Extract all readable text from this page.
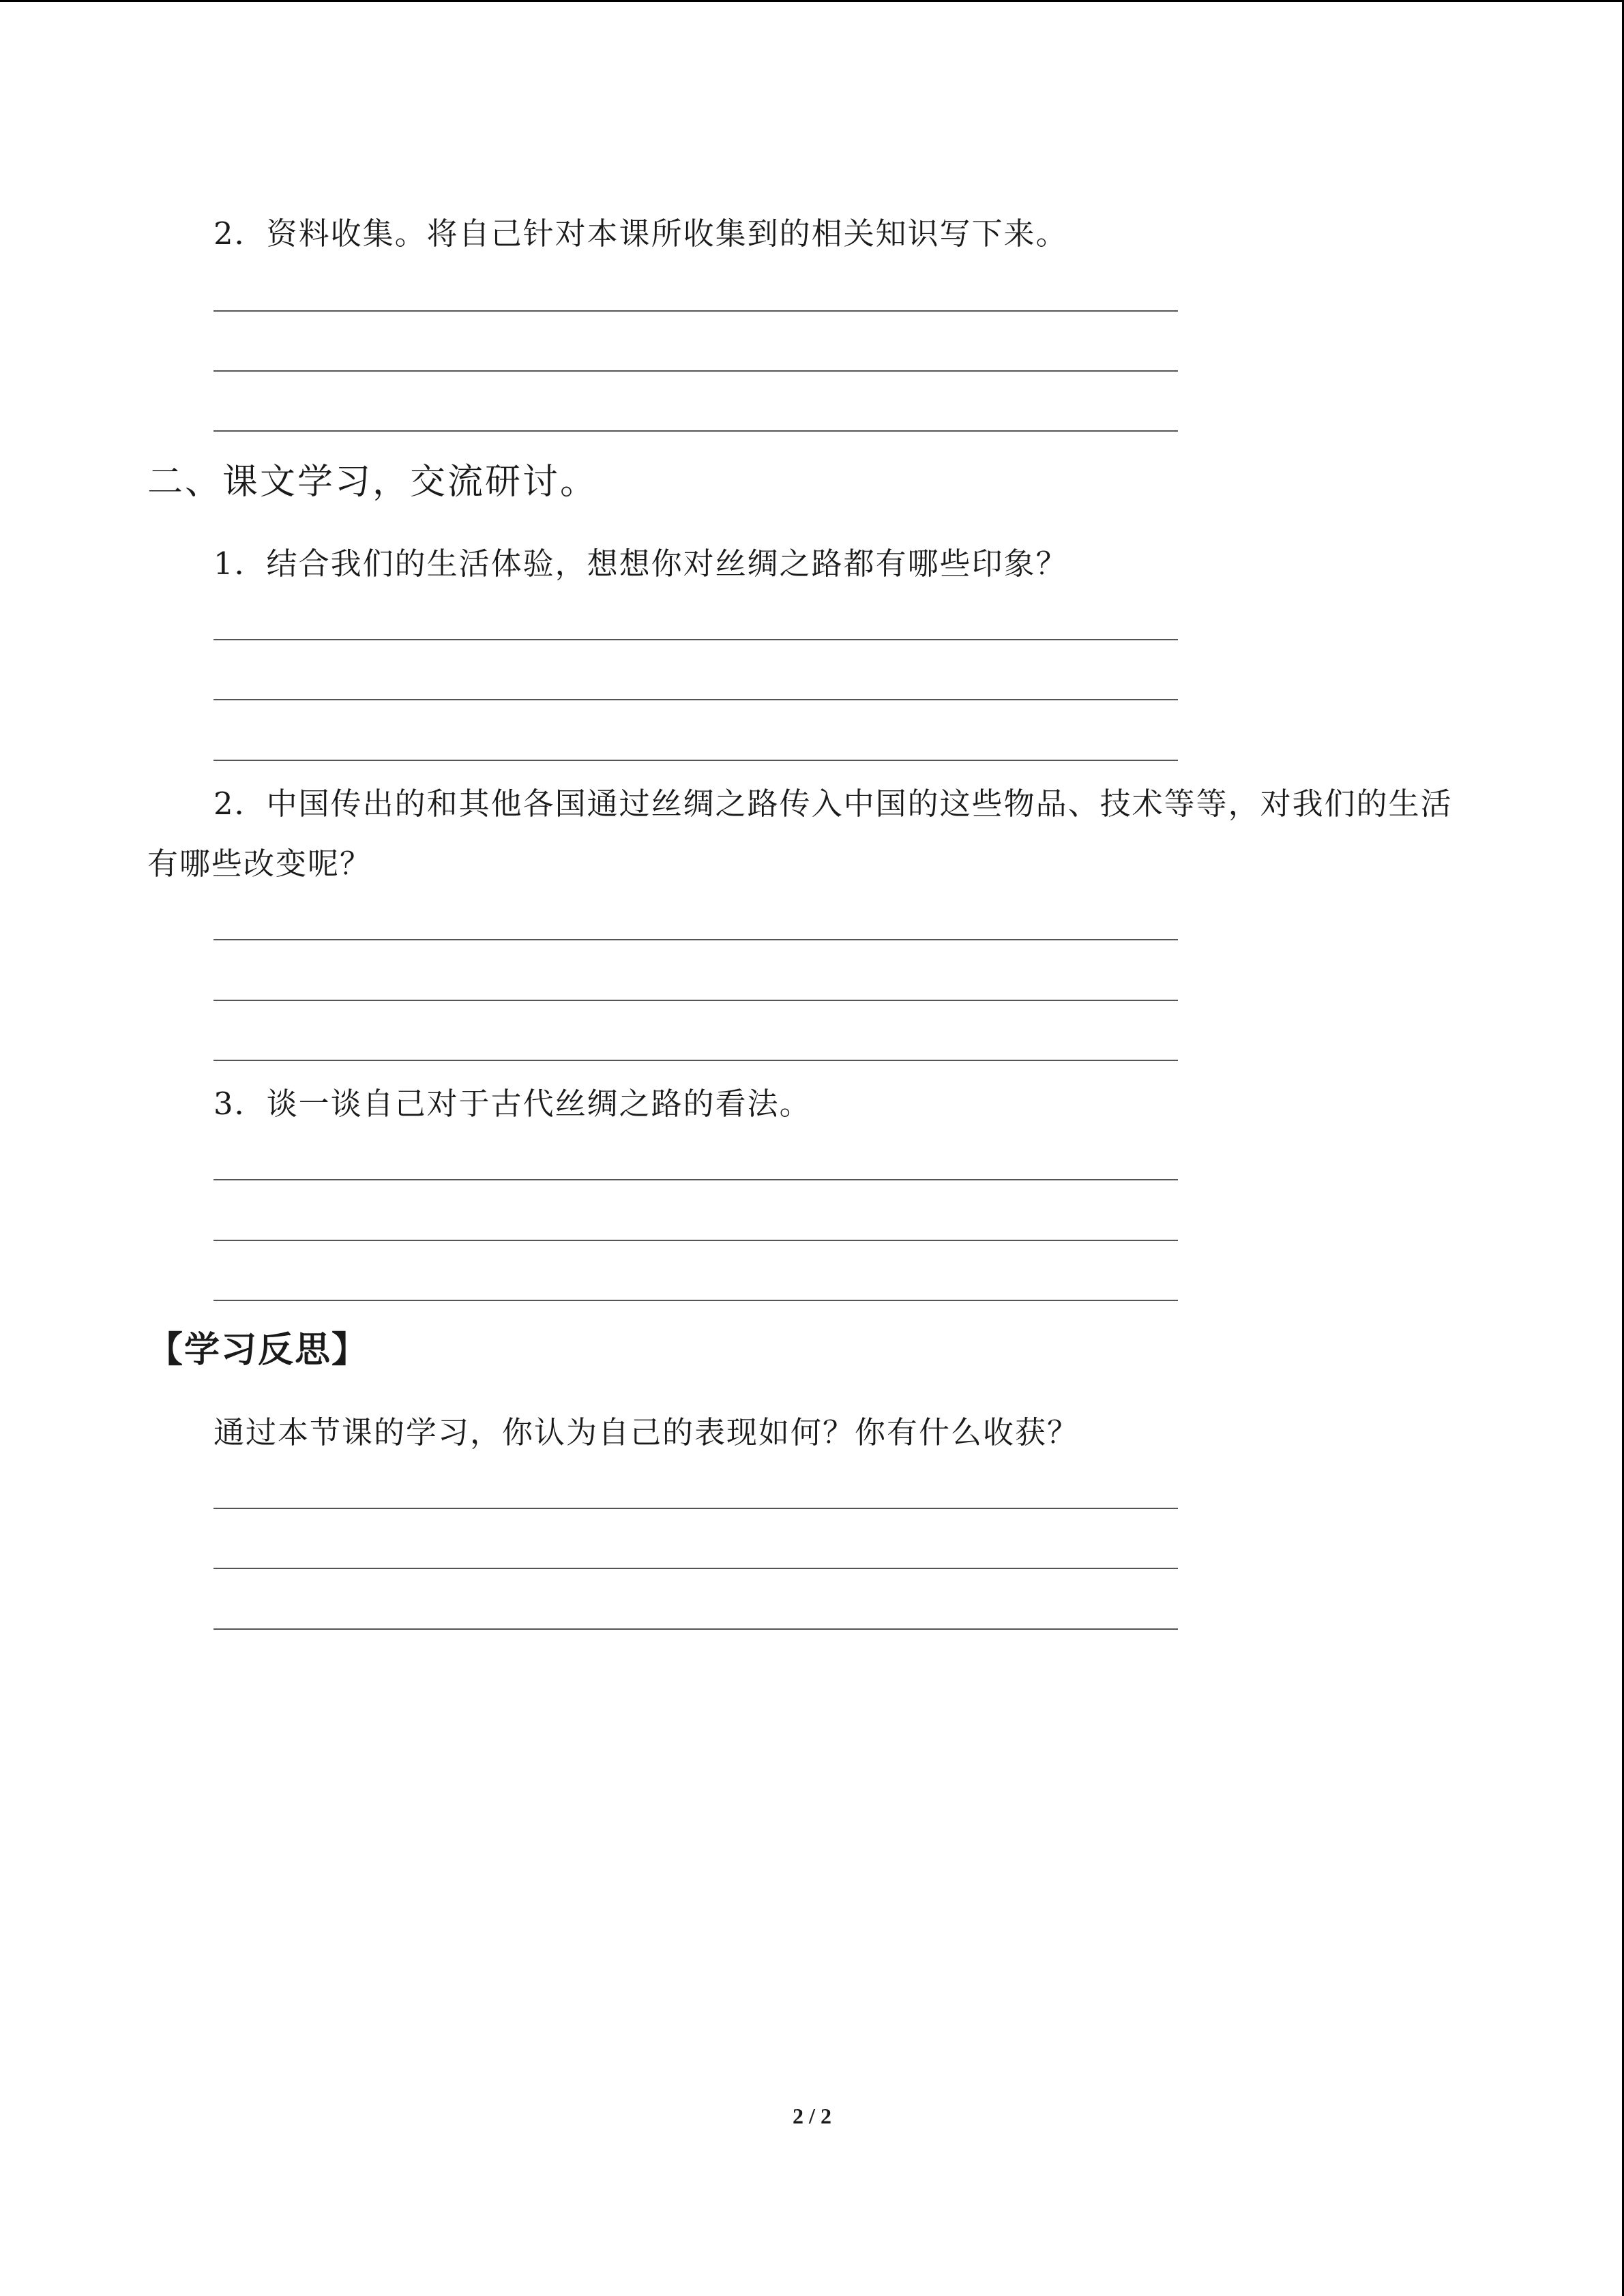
2．资料收集。将自己针对本课所收集到的相关知识写下来。
二、课文学习，交流研讨。
1．结合我们的生活体验，想想你对丝绸之路都有哪些印象？
2．中国传出的和其他各国通过丝绸之路传入中国的这些物品、技术等等，对我们的生活
有哪些改变呢？
3．谈一谈自己对于古代丝绸之路的看法。
【学习反思】
通过本节课的学习，你认为自己的表现如何？你有什么收获？
2 / 2
